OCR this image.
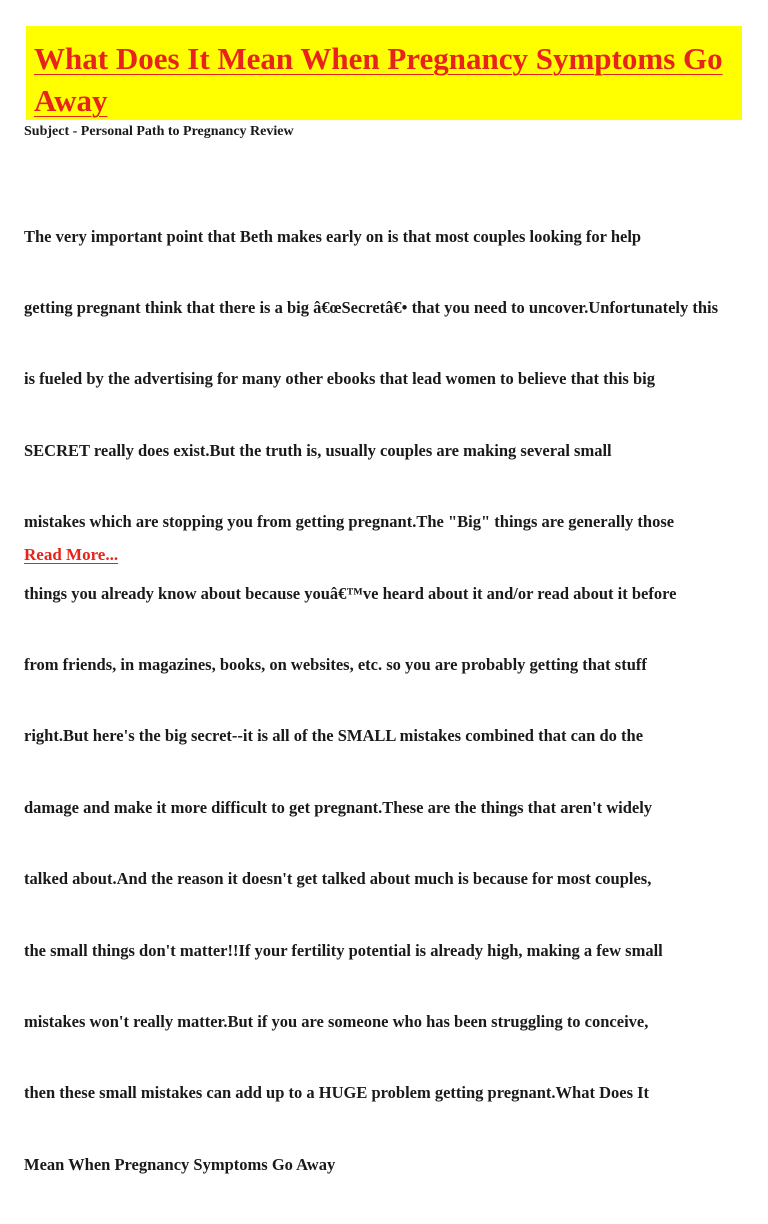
What Does It Mean When Pregnancy Symptoms Go Away
Subject - Personal Path to Pregnancy Review

The very important point that Beth makes early on is that most couples looking for help

getting pregnant think that there is a big â€œSecretâ€• that you need to uncover.Unfortunately this

is fueled by the advertising for many other ebooks that lead women to believe that this big

SECRET really does exist.But the truth is, usually couples are making several small

mistakes which are stopping you from getting pregnant.The "Big" things are generally those

things you already know about because youâ€™ve heard about it and/or read about it before

from friends, in magazines, books, on websites, etc. so you are probably getting that stuff

right.But here's the big secret--it is all of the SMALL mistakes combined that can do the

damage and make it more difficult to get pregnant.These are the things that aren't widely

talked about.And the reason it doesn't get talked about much is because for most couples,

the small things don't matter!!If your fertility potential is already high, making a few small

mistakes won't really matter.But if you are someone who has been struggling to conceive,

then these small mistakes can add up to a HUGE problem getting pregnant.What Does It

Mean When Pregnancy Symptoms Go Away

Read More...
